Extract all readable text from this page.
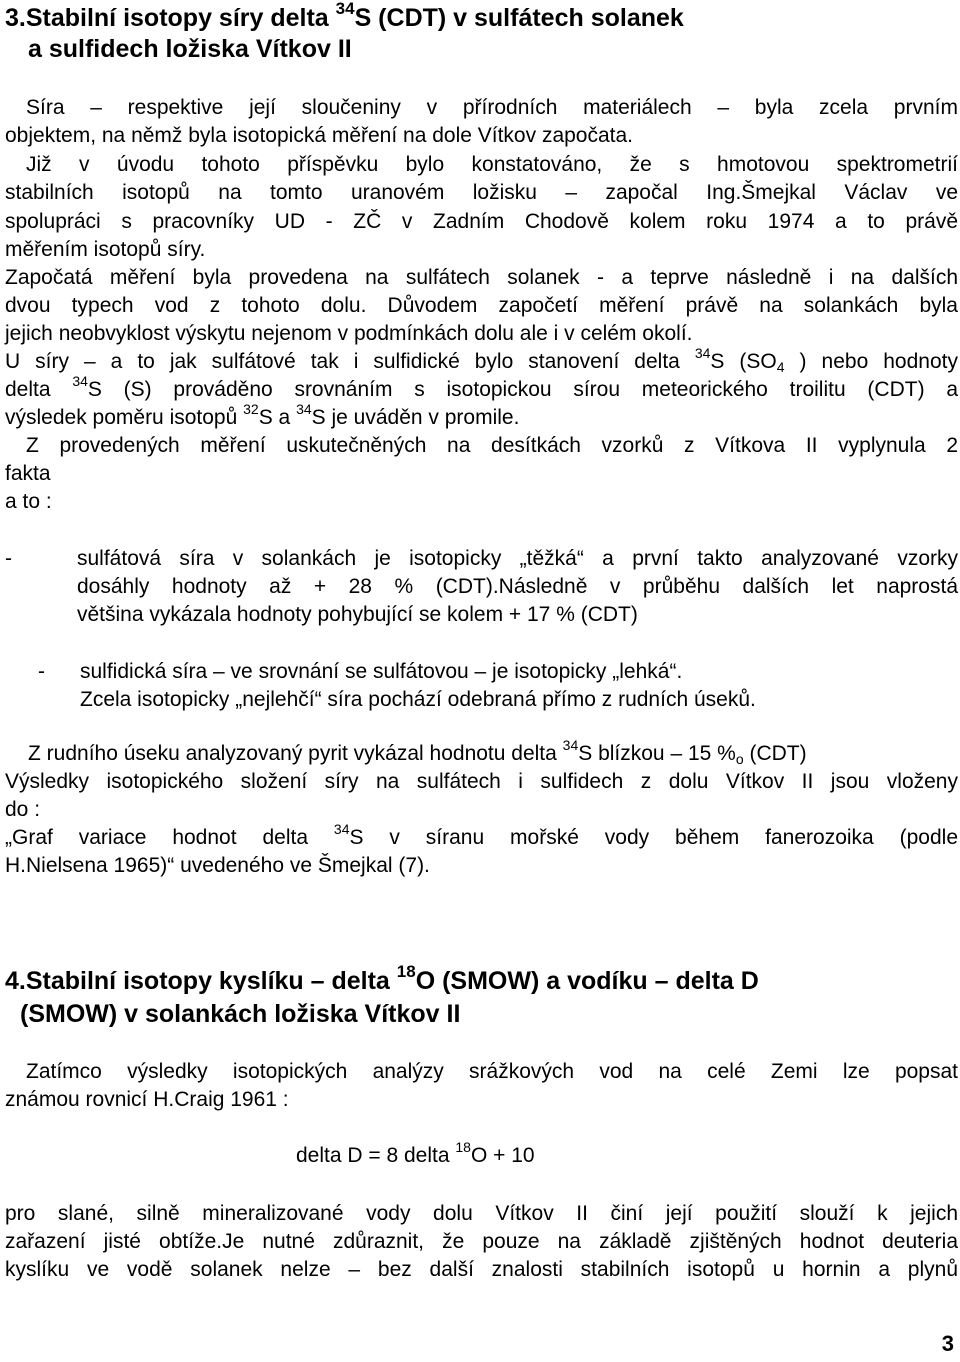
3.Stabilní isotopy síry delta $^{34}$S (CDT) v sulfátech solanek
a sulfidech ložiska Vítkov II
Síra – respektive její sloučeniny v přírodních materiálech – byla zcela prvním
objektem, na němž byla isotopická měření na dole Vítkov započata.
Již v úvodu tohoto příspěvku bylo konstatováno, že s hmotovou spektrometrií
stabilních isotopů na tomto uranovém ložisku – započal Ing.Šmejkal Václav ve
spolupráci s pracovníky UD - ZČ v Zadním Chodově kolem roku 1974 a to právě
měřením isotopů síry.
Započatá měření byla provedena na sulfátech solanek - a teprve následně i na dalších
dvou typech vod z tohoto dolu. Důvodem započetí měření právě na solankách byla
jejich neobvyklost výskytu nejenom v podmínkách dolu ale i v celém okolí.
U síry – a to jak sulfátové tak i sulfidické bylo stanovení delta $^{34}$S (SO4 ) nebo hodnoty
delta $^{34}$S (S) prováděno srovnáním s isotopickou sírou meteorického troilitu (CDT) a
výsledek poměru isotopů $^{32}$S a $^{34}$S je uváděn v promile.
Z provedených měření uskutečněných na desítkách vzorků z Vítkova II vyplynula 2
fakta
a to :
-	sulfátová síra v solankách je isotopicky „těžká“ a první takto analyzované vzorky
dosáhly hodnoty až + 28 % (CDT).Následně v průběhu dalších let naprostá
většina vykázala hodnoty pohybující se kolem + 17 % (CDT)
-	sulfidická síra – ve srovnání se sulfátovou – je isotopicky „lehká“.
Zcela isotopicky „nejlehčí“ síra pochází odebraná přímo z rudních úseků.
Z rudního úseku analyzovaný pyrit vykázal hodnotu delta $^{34}$S blízkou – 15 %o (CDT)
Výsledky isotopického složení síry na sulfátech i sulfidech z dolu Vítkov II jsou vloženy
do :
„Graf variace hodnot delta $^{34}$S v síranu mořské vody během fanerozoika (podle
H.Nielsena 1965)“ uvedeného ve Šmejkal (7).
4.Stabilní isotopy kyslíku – delta $^{18}$O (SMOW) a vodíku – delta D
(SMOW) v solankách ložiska Vítkov II
Zatímco výsledky isotopických analýzy srážkových vod na celé Zemi lze popsat
známou rovnicí H.Craig 1961 :
delta D = 8 delta $^{18}$O + 10
pro slané, silně mineralizované vody dolu Vítkov II činí její použití slouží k jejich
zařazení jisté obtíže.Je nutné zdůraznit, že pouze na základě zjištěných hodnot deuteria
kyslíku ve vodě solanek nelze – bez další znalosti stabilních isotopů u hornin a plynů
3
